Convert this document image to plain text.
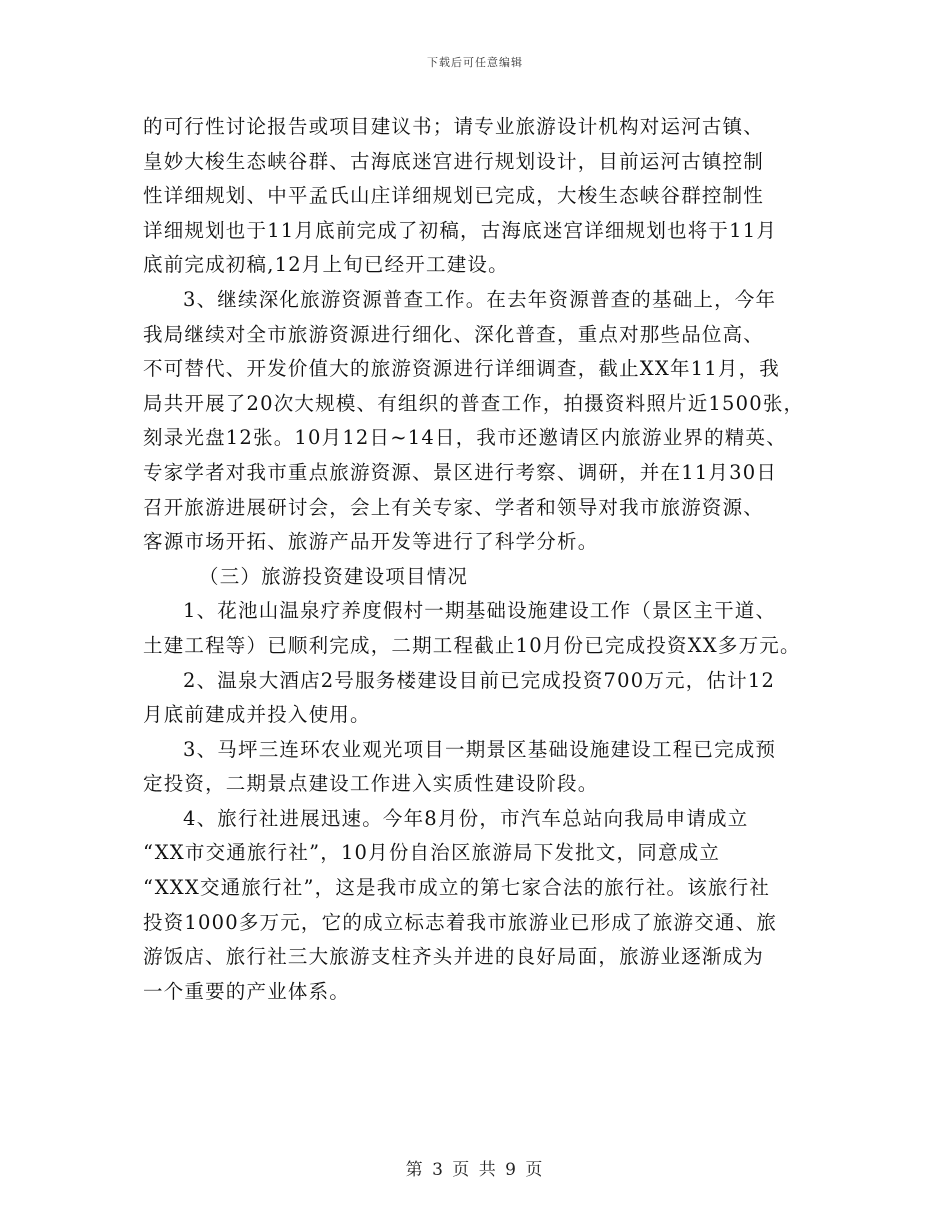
下载后可任意编辑
的可行性讨论报告或项目建议书；请专业旅游设计机构对运河古镇、
皇妙大梭生态峡谷群、古海底迷宫进行规划设计，目前运河古镇控制
性详细规划、中平孟氏山庄详细规划已完成，大梭生态峡谷群控制性
详细规划也于11月底前完成了初稿，古海底迷宫详细规划也将于11月
底前完成初稿,12月上旬已经开工建设。
3、继续深化旅游资源普查工作。在去年资源普查的基础上，今年
我局继续对全市旅游资源进行细化、深化普查，重点对那些品位高、
不可替代、开发价值大的旅游资源进行详细调查，截止XX年11月，我
局共开展了20次大规模、有组织的普查工作，拍摄资料照片近1500张，
刻录光盘12张。10月12日~14日，我市还邀请区内旅游业界的精英、
专家学者对我市重点旅游资源、景区进行考察、调研，并在11月30日
召开旅游进展研讨会，会上有关专家、学者和领导对我市旅游资源、
客源市场开拓、旅游产品开发等进行了科学分析。
（三）旅游投资建设项目情况
1、花池山温泉疗养度假村一期基础设施建设工作（景区主干道、
土建工程等）已顺利完成，二期工程截止10月份已完成投资XX多万元。
2、温泉大酒店2号服务楼建设目前已完成投资700万元，估计12
月底前建成并投入使用。
3、马坪三连环农业观光项目一期景区基础设施建设工程已完成预
定投资，二期景点建设工作进入实质性建设阶段。
4、旅行社进展迅速。今年8月份，市汽车总站向我局申请成立
“XX市交通旅行社”，10月份自治区旅游局下发批文，同意成立
“XXX交通旅行社”，这是我市成立的第七家合法的旅行社。该旅行社
投资1000多万元，它的成立标志着我市旅游业已形成了旅游交通、旅
游饭店、旅行社三大旅游支柱齐头并进的良好局面，旅游业逐渐成为
一个重要的产业体系。
第 3 页 共 9 页
